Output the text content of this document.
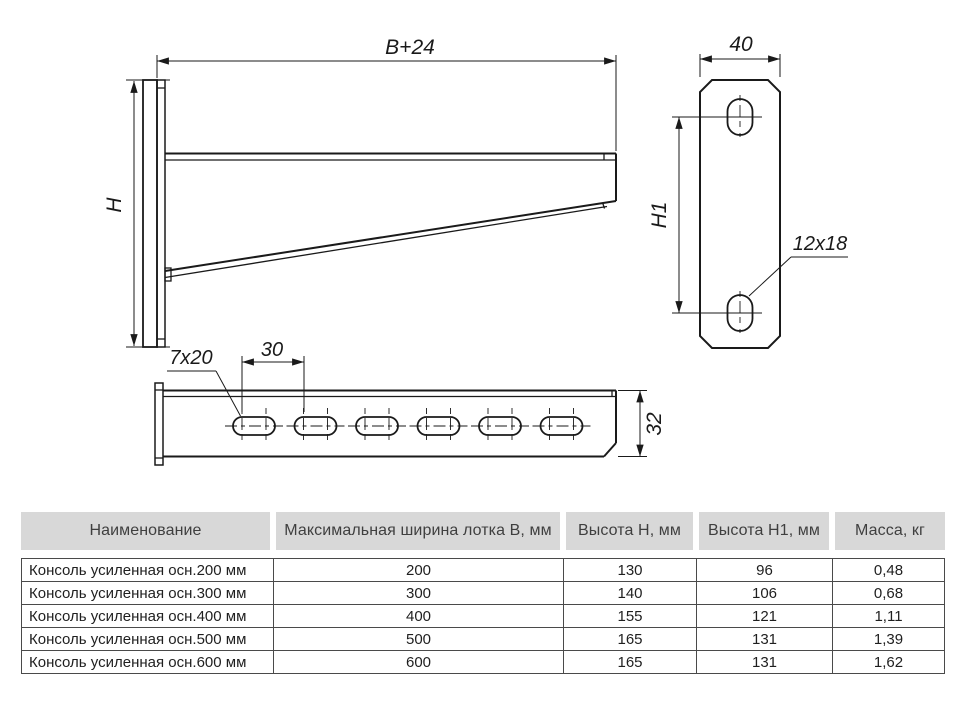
B+24
H
40
H1
12x18
7x20 30
32
Наименование	Максимальная ширина лотка B, мм	Высота H, мм	Высота H1, мм	Масса, кг
Консоль усиленная осн.200 мм	200	130	96	0,48
Консоль усиленная осн.300 мм	300	140	106	0,68
Консоль усиленная осн.400 мм	400	155	121	1,11
Консоль усиленная осн.500 мм	500	165	131	1,39
Консоль усиленная осн.600 мм	600	165	131	1,62
